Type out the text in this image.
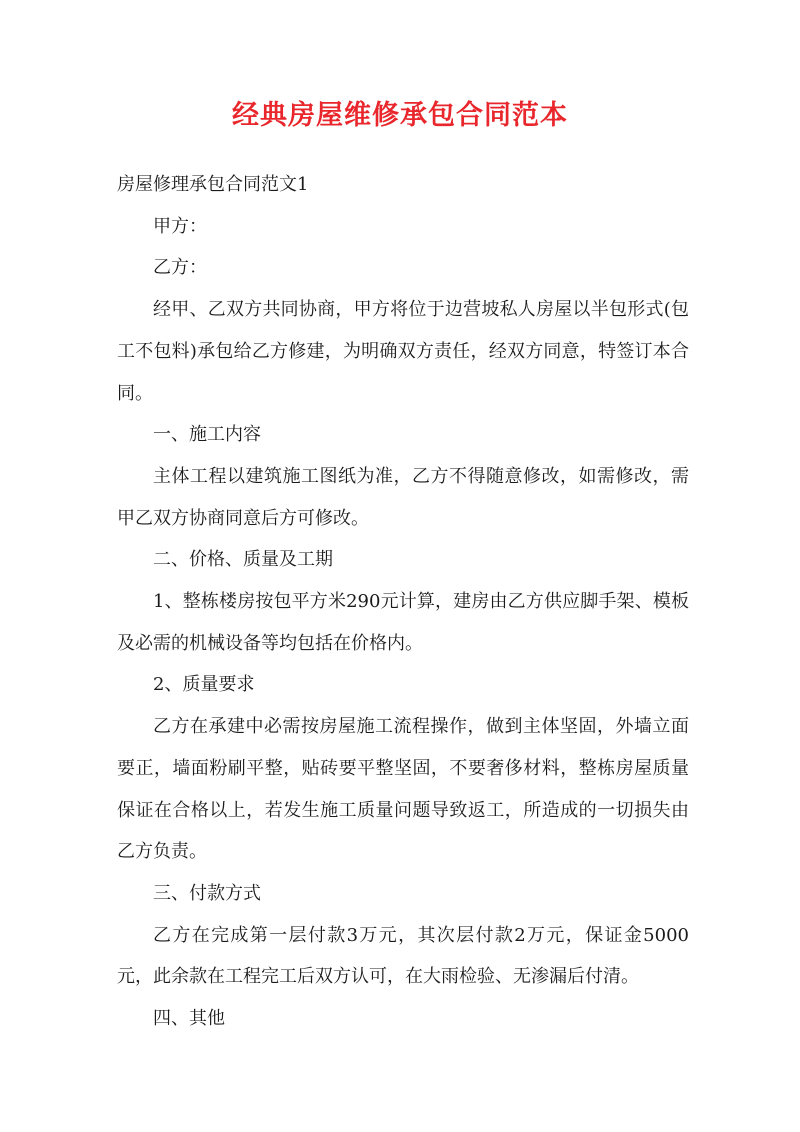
经典房屋维修承包合同范本

房屋修理承包合同范文1

甲方：

乙方：

经甲、乙双方共同协商，甲方将位于边营坡私人房屋以半包形式(包工不包料)承包给乙方修建，为明确双方责任，经双方同意，特签订本合同。

一、施工内容

主体工程以建筑施工图纸为准，乙方不得随意修改，如需修改，需甲乙双方协商同意后方可修改。

二、价格、质量及工期

1、整栋楼房按包平方米290元计算，建房由乙方供应脚手架、模板及必需的机械设备等均包括在价格内。

2、质量要求

乙方在承建中必需按房屋施工流程操作，做到主体坚固，外墙立面要正，墙面粉刷平整，贴砖要平整坚固，不要奢侈材料，整栋房屋质量保证在合格以上，若发生施工质量问题导致返工，所造成的一切损失由乙方负责。

三、付款方式

乙方在完成第一层付款3万元，其次层付款2万元，保证金5000元，此余款在工程完工后双方认可，在大雨检验、无渗漏后付清。

四、其他
